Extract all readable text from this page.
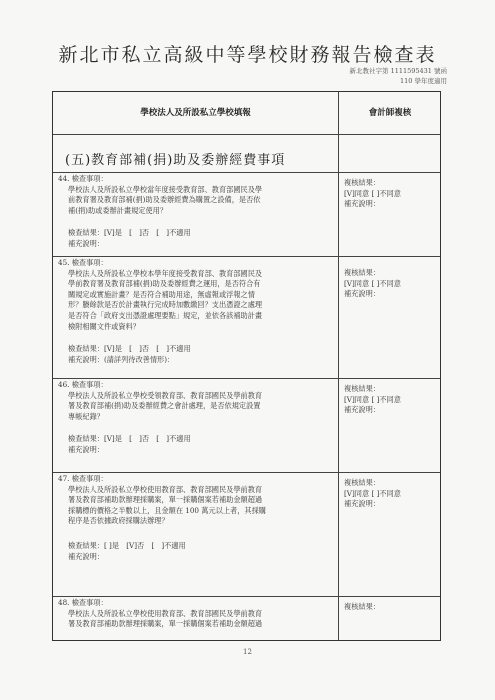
新北市私立高級中等學校財務報告檢查表
新北教社字第 1111595431 號函
110 學年度適用
學校法人及所設私立學校填報	會計師複核
(五)教育部補(捐)助及委辦經費事項
44. 檢查事項：
學校法人及所設私立學校當年度接受教育部、教育部國民及學
前教育署及教育部補(捐)助及委辦經費為購置之設備，是否依
補(捐)助或委辦計畫規定使用？
檢查結果：[V]是　[　]否　[　]不適用
補充說明：
複核結果：
[V]同意 [ ]不同意
補充說明：
45. 檢查事項：
學校法人及所設私立學校本學年度接受教育部、教育部國民及
學前教育署及教育部補(捐)助及委辦經費之運用，是否符合有
關規定或實施計畫？是否符合補助用途，無虛報或浮報之情
形？賸餘款是否於計畫執行完成時加數繳回？支出憑證之處理
是否符合「政府支出憑證處理要點」規定，並依各該補助計畫
檢附相關文件或資料？
檢查結果：[V]是　[　]否　[　]不適用
補充說明：(請詳列待改善情形)：
複核結果：
[V]同意 [ ]不同意
補充說明：
46. 檢查事項：
學校法人及所設私立學校受領教育部、教育部國民及學前教育
署及教育部補(捐)助及委辦經費之會計處理，是否依規定設置
專帳紀錄？
檢查結果：[V]是　[　]否　[　]不適用
補充說明：
複核結果：
[V]同意 [ ]不同意
補充說明：
47. 檢查事項：
學校法人及所設私立學校使用教育部、教育部國民及學前教育
署及教育部補助款辦理採購案，單一採購個案若補助金額超過
採購標的價格之半數以上，且金額在 100 萬元以上者，其採購
程序是否依據政府採購法辦理？
檢查結果：[ ]是　[V]否　[　]不適用
補充說明：
複核結果：
[V]同意 [ ]不同意
補充說明：
48. 檢查事項：
學校法人及所設私立學校使用教育部、教育部國民及學前教育
署及教育部補助款辦理採購案，單一採購個案若補助金額超過
複核結果：
12
